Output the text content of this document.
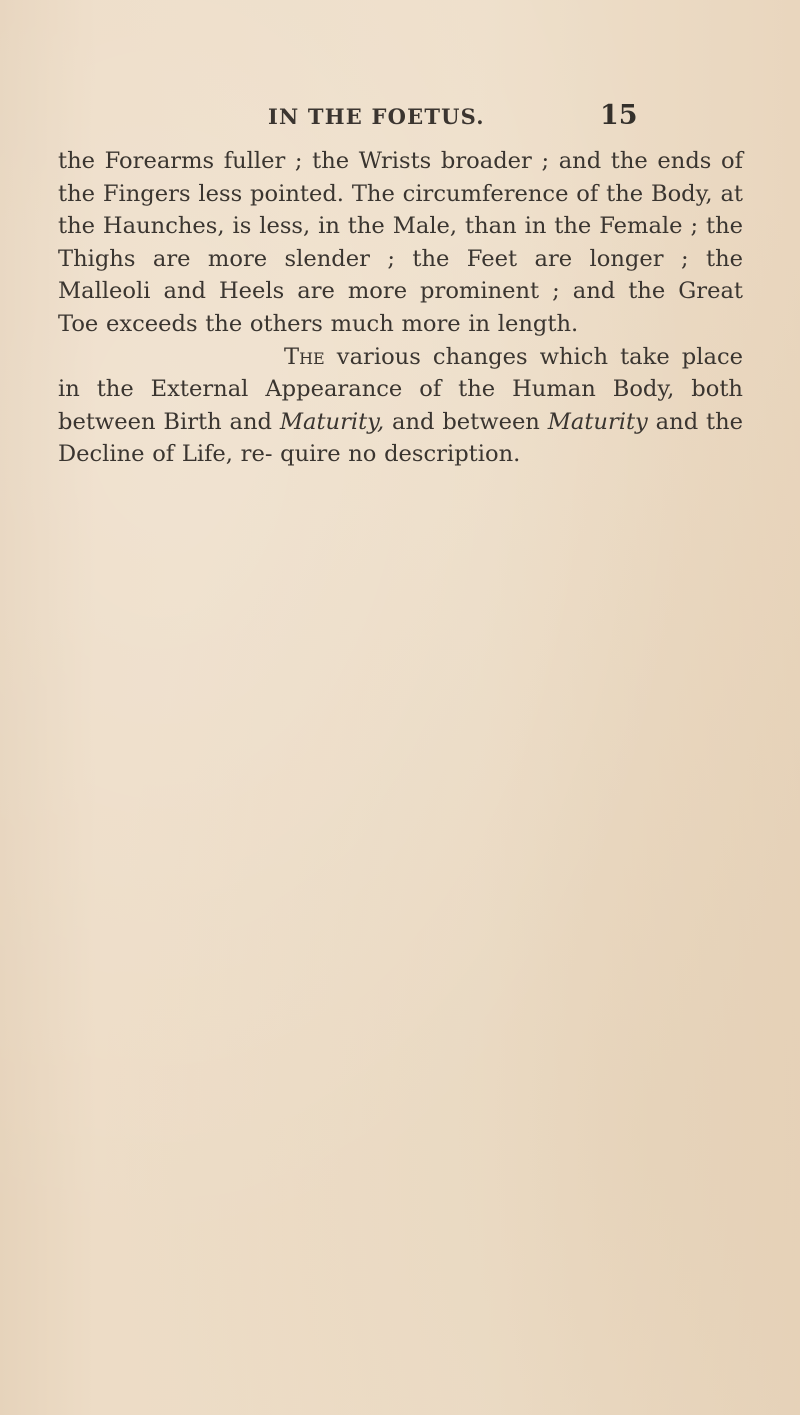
IN THE FOETUS.	15

the Forearms fuller ; the Wrists broader ; and the ends of the Fingers less pointed. The circumference of the Body, at the Haunches, is less, in the Male, than in the Female ; the Thighs are more slender ; the Feet are longer ; the Malleoli and Heels are more prominent ; and the Great Toe exceeds the others much more in length.

The various changes which take place in the External Appearance of the Human Body, both between Birth and Maturity, and between Maturity and the Decline of Life, re- quire no description.
